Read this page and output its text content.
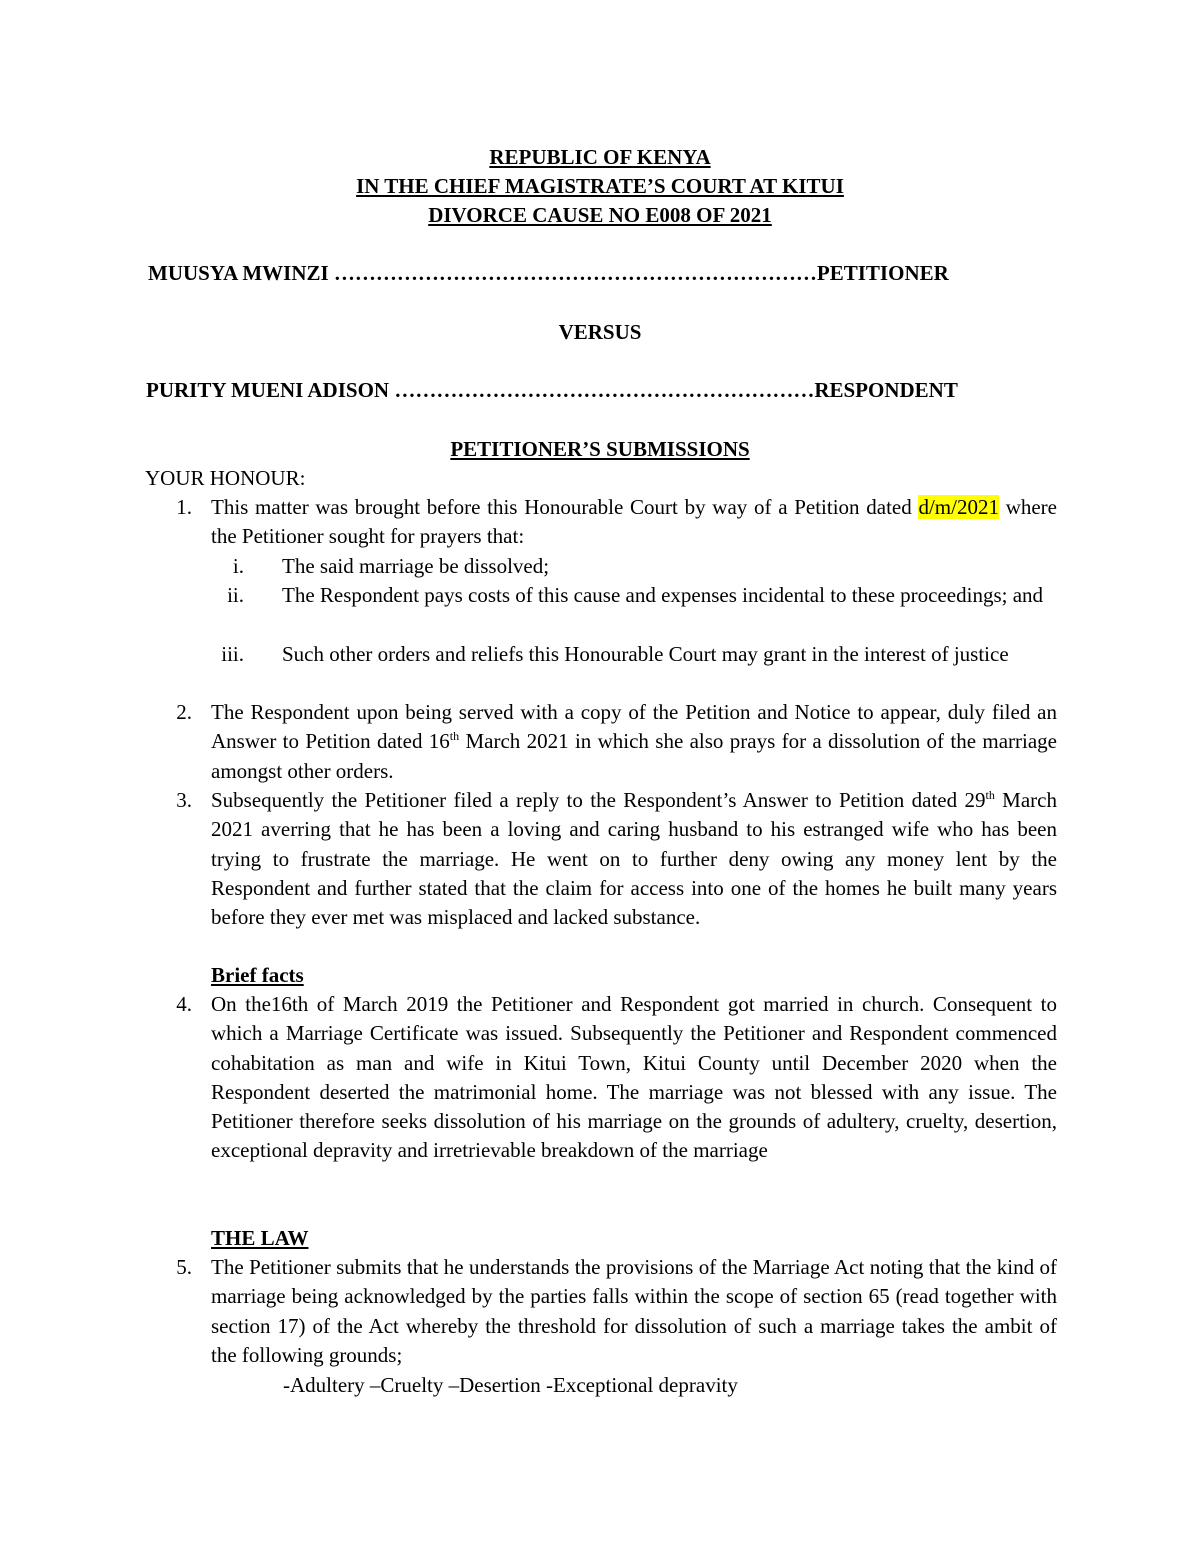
REPUBLIC OF KENYA
IN THE CHIEF MAGISTRATE’S COURT AT KITUI
DIVORCE CAUSE NO E008 OF 2021
MUUSYA MWINZI ……………………………………………………………PETITIONER
VERSUS
PURITY MUENI ADISON ……………………………………………………RESPONDENT
PETITIONER’S SUBMISSIONS
YOUR HONOUR:
1. This matter was brought before this Honourable Court by way of a Petition dated d/m/2021 where the Petitioner sought for prayers that:
i. The said marriage be dissolved;
ii. The Respondent pays costs of this cause and expenses incidental to these proceedings; and
iii. Such other orders and reliefs this Honourable Court may grant in the interest of justice
2. The Respondent upon being served with a copy of the Petition and Notice to appear, duly filed an Answer to Petition dated 16th March 2021 in which she also prays for a dissolution of the marriage amongst other orders.
3. Subsequently the Petitioner filed a reply to the Respondent’s Answer to Petition dated 29th March 2021 averring that he has been a loving and caring husband to his estranged wife who has been trying to frustrate the marriage. He went on to further deny owing any money lent by the Respondent and further stated that the claim for access into one of the homes he built many years before they ever met was misplaced and lacked substance.
Brief facts
4. On the16th of March 2019 the Petitioner and Respondent got married in church. Consequent to which a Marriage Certificate was issued. Subsequently the Petitioner and Respondent commenced cohabitation as man and wife in Kitui Town, Kitui County until December 2020 when the Respondent deserted the matrimonial home. The marriage was not blessed with any issue. The Petitioner therefore seeks dissolution of his marriage on the grounds of adultery, cruelty, desertion, exceptional depravity and irretrievable breakdown of the marriage
THE LAW
5. The Petitioner submits that he understands the provisions of the Marriage Act noting that the kind of marriage being acknowledged by the parties falls within the scope of section 65 (read together with section 17) of the Act whereby the threshold for dissolution of such a marriage takes the ambit of the following grounds;
-Adultery –Cruelty –Desertion -Exceptional depravity
